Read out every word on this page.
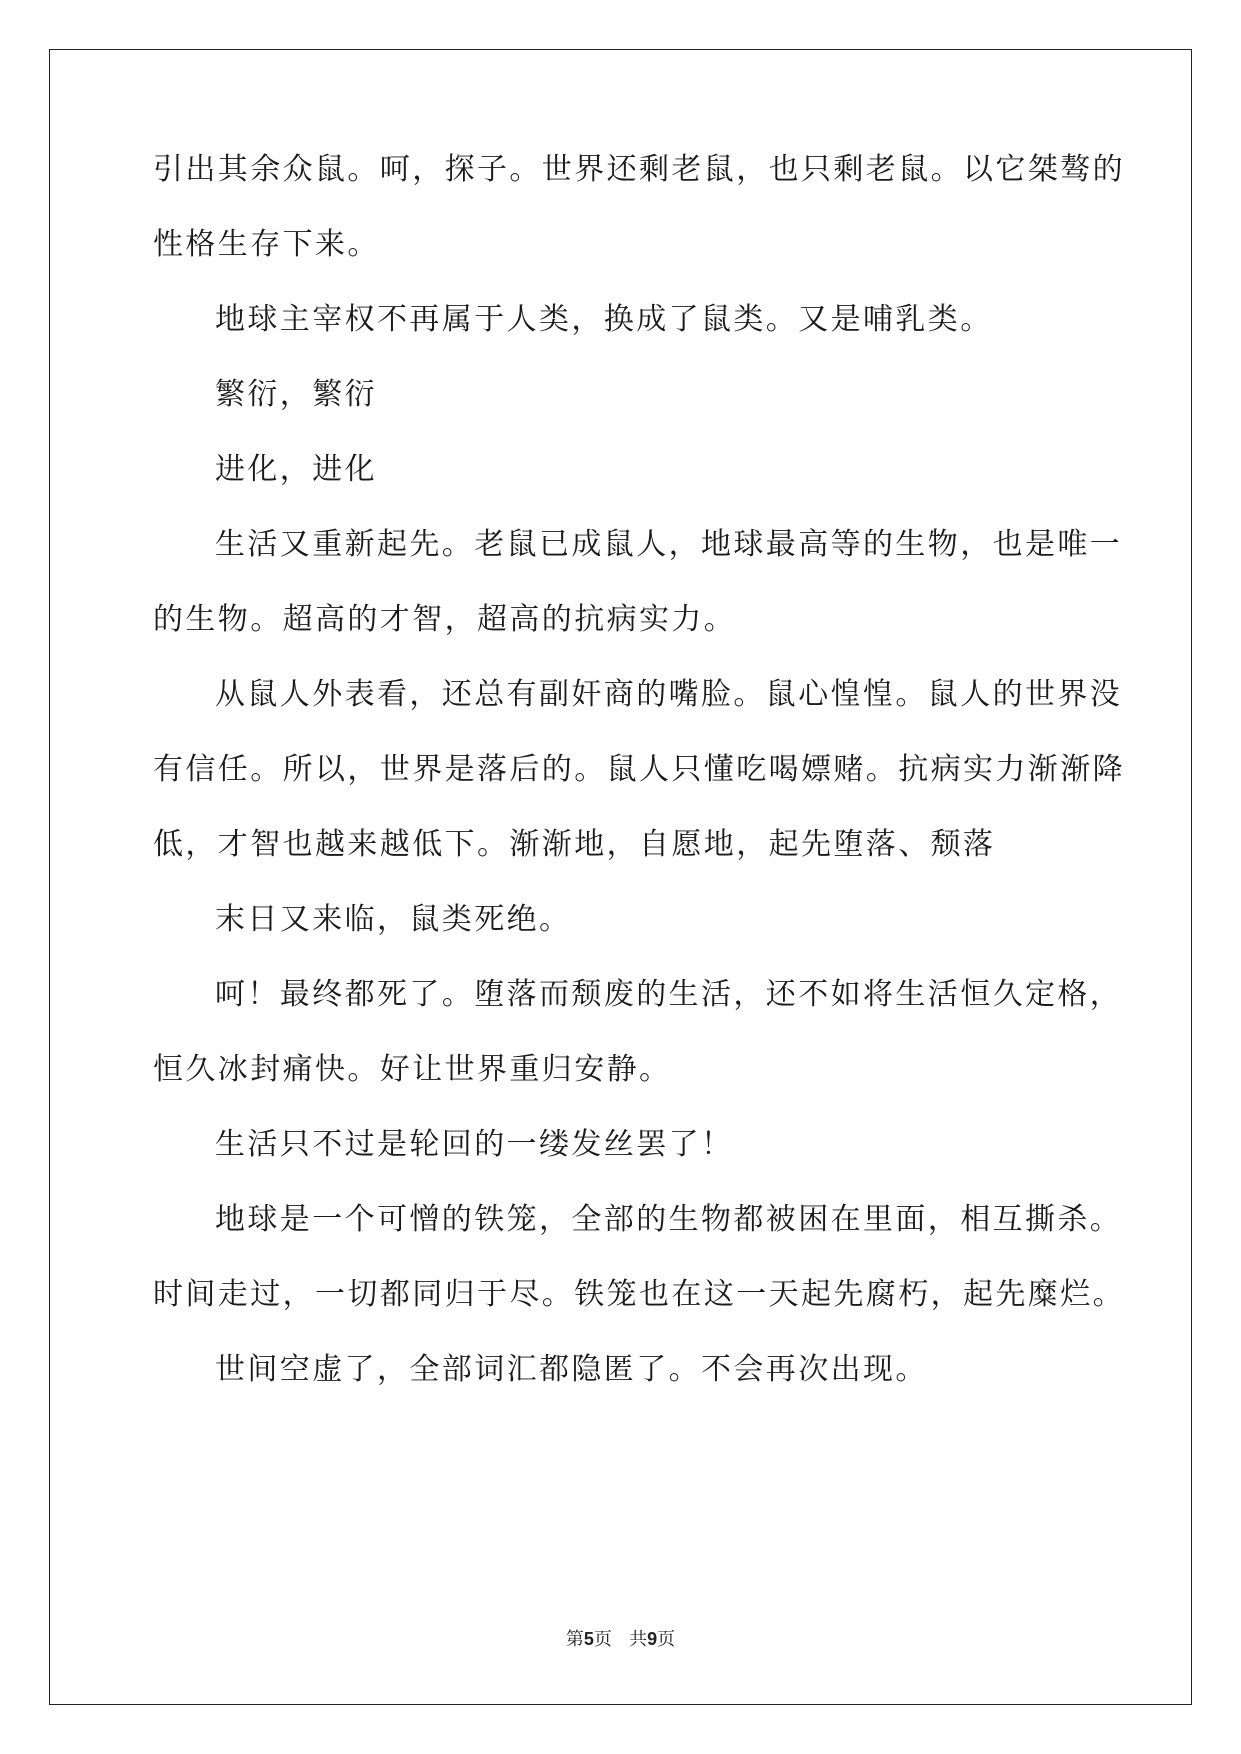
引出其余众鼠。呵，探子。世界还剩老鼠，也只剩老鼠。以它桀骜的
性格生存下来。
地球主宰权不再属于人类，换成了鼠类。又是哺乳类。
繁衍，繁衍
进化，进化
生活又重新起先。老鼠已成鼠人，地球最高等的生物，也是唯一
的生物。超高的才智，超高的抗病实力。
从鼠人外表看，还总有副奸商的嘴脸。鼠心惶惶。鼠人的世界没
有信任。所以，世界是落后的。鼠人只懂吃喝嫖赌。抗病实力渐渐降
低，才智也越来越低下。渐渐地，自愿地，起先堕落、颓落
末日又来临，鼠类死绝。
呵！最终都死了。堕落而颓废的生活，还不如将生活恒久定格，
恒久冰封痛快。好让世界重归安静。
生活只不过是轮回的一缕发丝罢了！
地球是一个可憎的铁笼，全部的生物都被困在里面，相互撕杀。
时间走过，一切都同归于尽。铁笼也在这一天起先腐朽，起先糜烂。
世间空虚了，全部词汇都隐匿了。不会再次出现。
第5页 共9页
